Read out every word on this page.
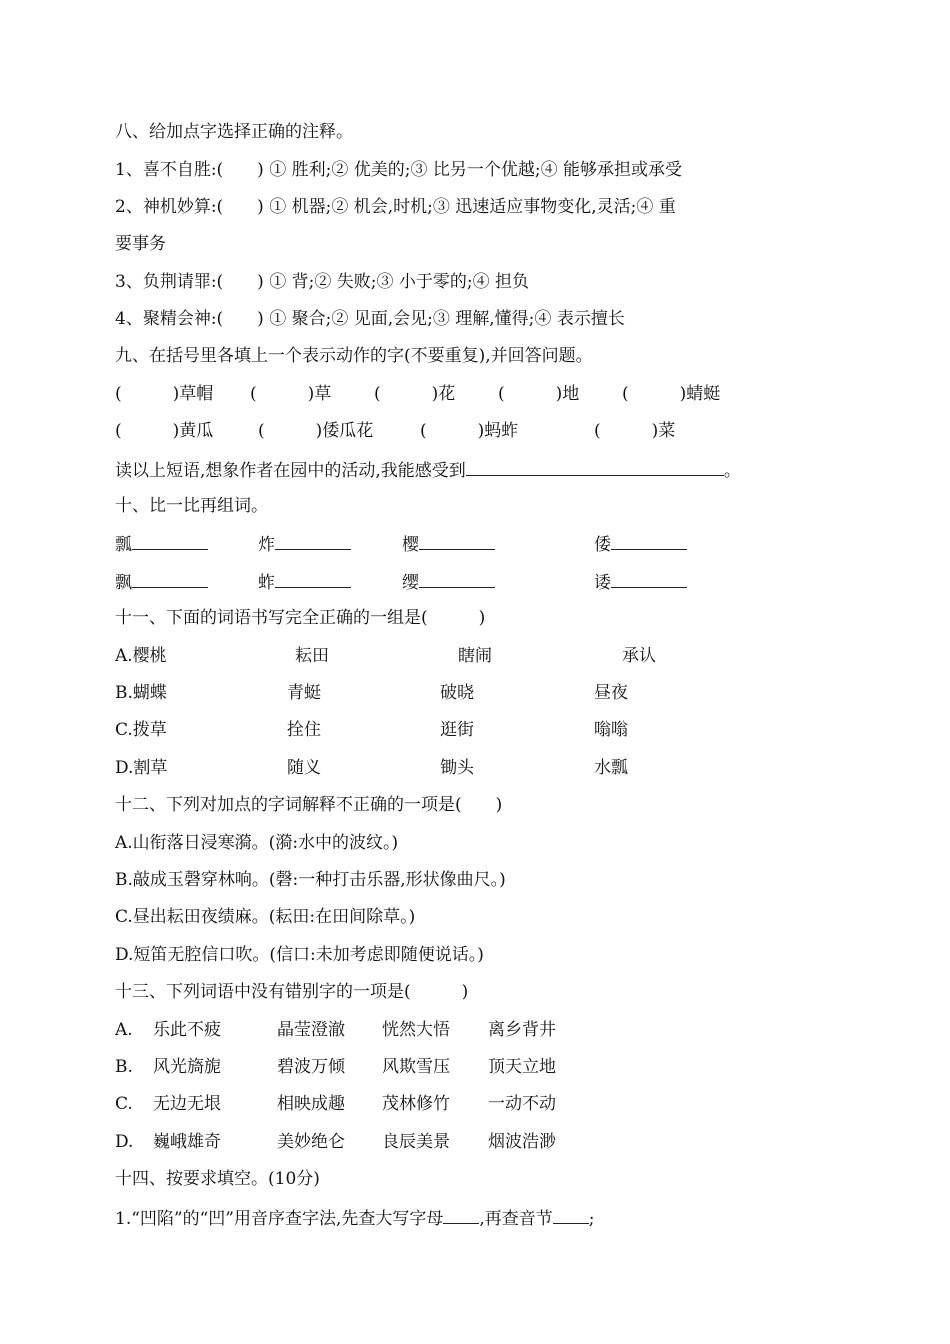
八、给加点字选择正确的注释。
1、喜不自胜:(　　) ① 胜利;② 优美的;③ 比另一个优越;④ 能够承担或承受
2、神机妙算:(　　) ① 机器;② 机会,时机;③ 迅速适应事物变化,灵活;④ 重
要事务
3、负荆请罪:(　　) ① 背;② 失败;③ 小于零的;④ 担负
4、聚精会神:(　　) ① 聚合;② 见面,会见;③ 理解,懂得;④ 表示擅长
九、在括号里各填上一个表示动作的字(不要重复),并回答问题。
(　　　)草帽 (　　　)草	(　　　)花	(　　　)地	(　　　)蜻蜓
(　　　)黄瓜	(　　　)倭瓜花	(　　　)蚂蚱	(　　　)菜
读以上短语,想象作者在园中的活动,我能感受到	。
十、比一比再组词。
瓢	炸	樱	倭
飘	蚱	缨	诿
十一、下面的词语书写完全正确的一组是(　　　)
A.樱桃	耘田	瞎闹	承认
B.蝴蝶	青蜓	破晓	昼夜
C.拨草	拴住	逛街	嗡嗡
D.割草	随义	锄头	水瓢
十二、下列对加点的字词解释不正确的一项是(　　)
A.山衔落日浸寒漪。(漪:水中的波纹。)
B.敲成玉磬穿林响。(磬:一种打击乐器,形状像曲尺。)
C.昼出耘田夜绩麻。(耘田:在田间除草。)
D.短笛无腔信口吹。(信口:未加考虑即随便说话。)
十三、下列词语中没有错别字的一项是(　　　)
A. 乐此不疲	晶莹澄澈 恍然大悟 离乡背井
B. 风光旖旎	碧波万倾 风欺雪压 顶天立地
C. 无边无垠	相映成趣 茂林修竹 一动不动
D. 巍峨雄奇	美妙绝仑 良辰美景 烟波浩渺
十四、按要求填空。(10分)
1.“凹陷”的“凹”用音序查字法,先查大写字母 ,再查音节 ;
